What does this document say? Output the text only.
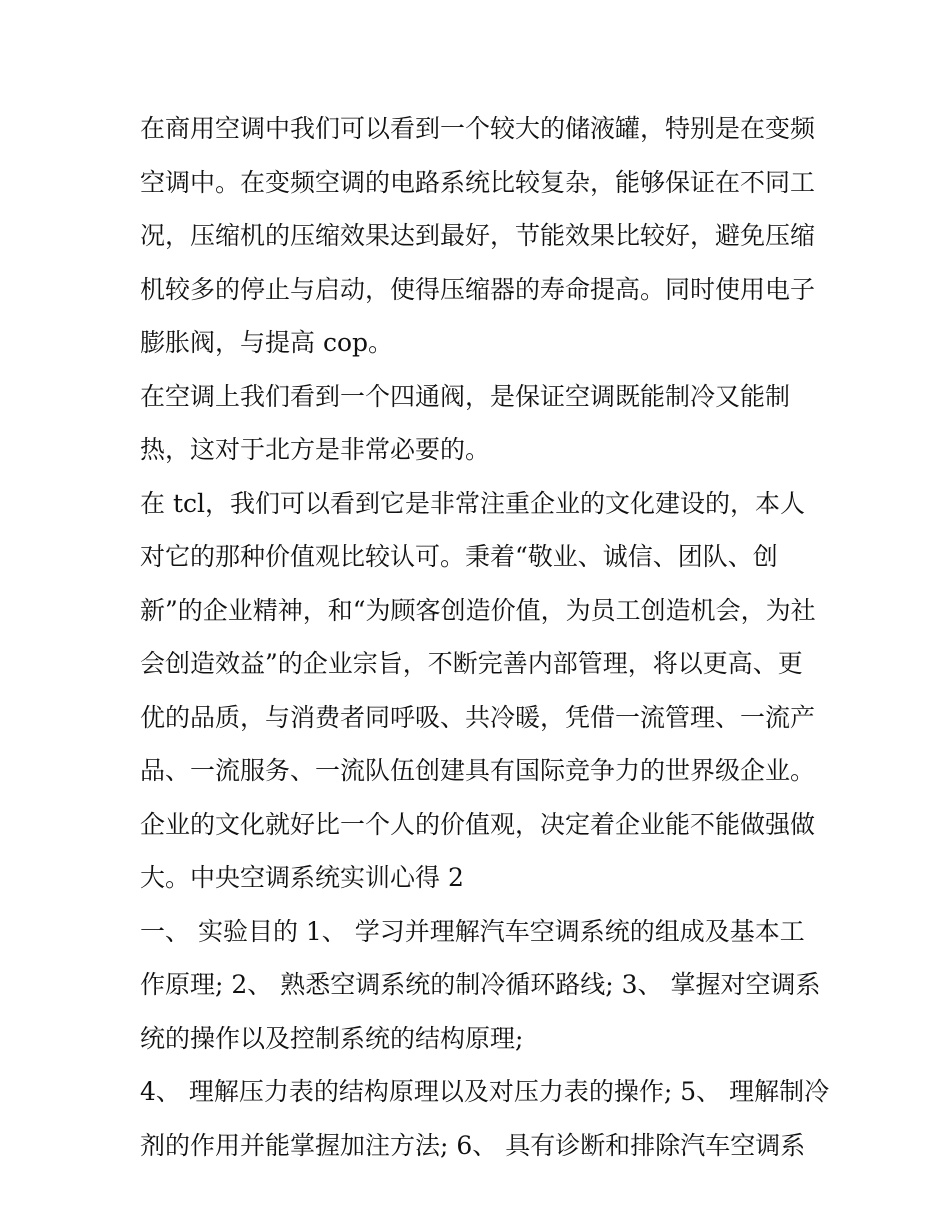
在商用空调中我们可以看到一个较大的储液罐，特别是在变频
空调中。在变频空调的电路系统比较复杂，能够保证在不同工
况，压缩机的压缩效果达到最好，节能效果比较好，避免压缩
机较多的停止与启动，使得压缩器的寿命提高。同时使用电子
膨胀阀，与提高 cop。
在空调上我们看到一个四通阀，是保证空调既能制冷又能制
热，这对于北方是非常必要的。
在 tcl，我们可以看到它是非常注重企业的文化建设的，本人
对它的那种价值观比较认可。秉着“敬业、诚信、团队、创
新”的企业精神，和“为顾客创造价值，为员工创造机会，为社
会创造效益”的企业宗旨，不断完善内部管理，将以更高、更
优的品质，与消费者同呼吸、共冷暖，凭借一流管理、一流产
品、一流服务、一流队伍创建具有国际竞争力的世界级企业。
企业的文化就好比一个人的价值观，决定着企业能不能做强做
大。中央空调系统实训心得 2
一、 实验目的 1、 学习并理解汽车空调系统的组成及基本工
作原理; 2、 熟悉空调系统的制冷循环路线; 3、 掌握对空调系
统的操作以及控制系统的结构原理;
4、 理解压力表的结构原理以及对压力表的操作; 5、 理解制冷
剂的作用并能掌握加注方法; 6、 具有诊断和排除汽车空调系
